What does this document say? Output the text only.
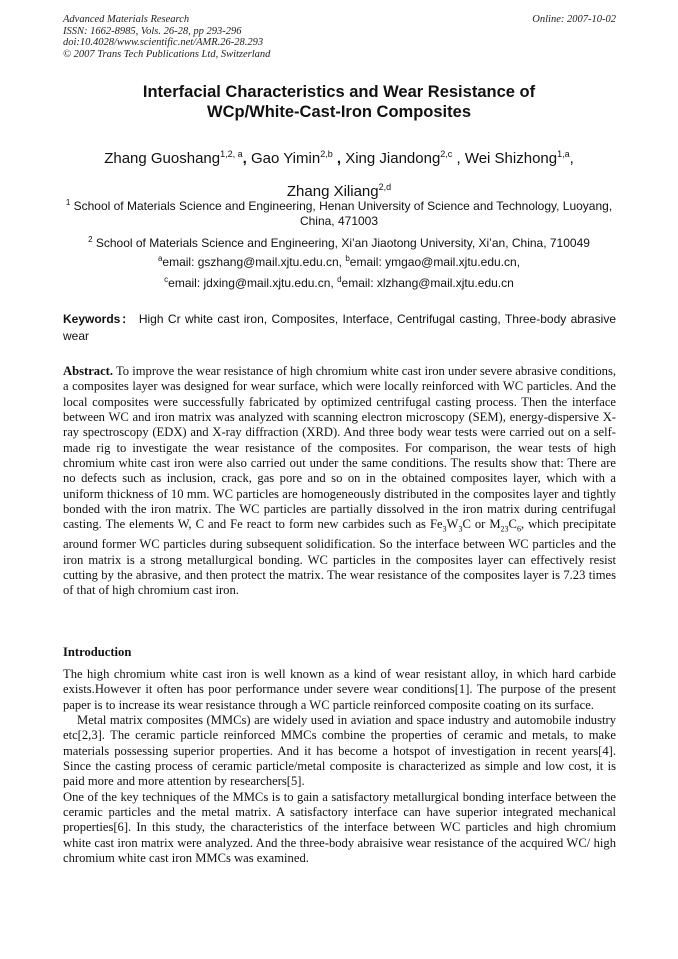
Advanced Materials Research
ISSN: 1662-8985, Vols. 26-28, pp 293-296
doi:10.4028/www.scientific.net/AMR.26-28.293
© 2007 Trans Tech Publications Ltd, Switzerland
Online: 2007-10-02
Interfacial Characteristics and Wear Resistance of
WCp/White-Cast-Iron Composites
Zhang Guoshang$^{1,2, a}$, Gao Yimin$^{2,b}$ , Xing Jiandong$^{2,c}$ , Wei Shizhong$^{1,a}$,
Zhang Xiliang$^{2,d}$
$^1$ School of Materials Science and Engineering, Henan University of Science and Technology, Luoyang, China, 471003
$^2$ School of Materials Science and Engineering, Xi’an Jiaotong University, Xi’an, China, 710049
$^a$email: gszhang@mail.xjtu.edu.cn, $^b$email: ymgao@mail.xjtu.edu.cn,
$^c$email: jdxing@mail.xjtu.edu.cn, $^d$email: xlzhang@mail.xjtu.edu.cn
Keywords： High Cr white cast iron, Composites, Interface, Centrifugal casting, Three-body abrasive wear
Abstract. To improve the wear resistance of high chromium white cast iron under severe abrasive conditions, a composites layer was designed for wear surface, which were locally reinforced with WC particles. And the local composites were successfully fabricated by optimized centrifugal casting process. Then the interface between WC and iron matrix was analyzed with scanning electron microscopy (SEM), energy-dispersive X-ray spectroscopy (EDX) and X-ray diffraction (XRD). And three body wear tests were carried out on a self-made rig to investigate the wear resistance of the composites. For comparison, the wear tests of high chromium white cast iron were also carried out under the same conditions. The results show that: There are no defects such as inclusion, crack, gas pore and so on in the obtained composites layer, which with a uniform thickness of 10 mm. WC particles are homogeneously distributed in the composites layer and tightly bonded with the iron matrix. The WC particles are partially dissolved in the iron matrix during centrifugal casting. The elements W, C and Fe react to form new carbides such as $Fe_3W_3C$ or $M_{23}C_6$, which precipitate around former WC particles during subsequent solidification. So the interface between WC particles and the iron matrix is a strong metallurgical bonding. WC particles in the composites layer can effectively resist cutting by the abrasive, and then protect the matrix. The wear resistance of the composites layer is 7.23 times of that of high chromium cast iron.
Introduction

The high chromium white cast iron is well known as a kind of wear resistant alloy, in which hard carbide exists.However it often has poor performance under severe wear conditions[1]. The purpose of the present paper is to increase its wear resistance through a WC particle reinforced composite coating on its surface.

Metal matrix composites (MMCs) are widely used in aviation and space industry and automobile industry etc[2,3]. The ceramic particle reinforced MMCs combine the properties of ceramic and metals, to make materials possessing superior properties. And it has become a hotspot of investigation in recent years[4]. Since the casting process of ceramic particle/metal composite is characterized as simple and low cost, it is paid more and more attention by researchers[5].

One of the key techniques of the MMCs is to gain a satisfactory metallurgical bonding interface between the ceramic particles and the metal matrix. A satisfactory interface can have superior integrated mechanical properties[6]. In this study, the characteristics of the interface between WC particles and high chromium white cast iron matrix were analyzed. And the three-body abraisive wear resistance of the acquired WC/ high chromium white cast iron MMCs was examined.
